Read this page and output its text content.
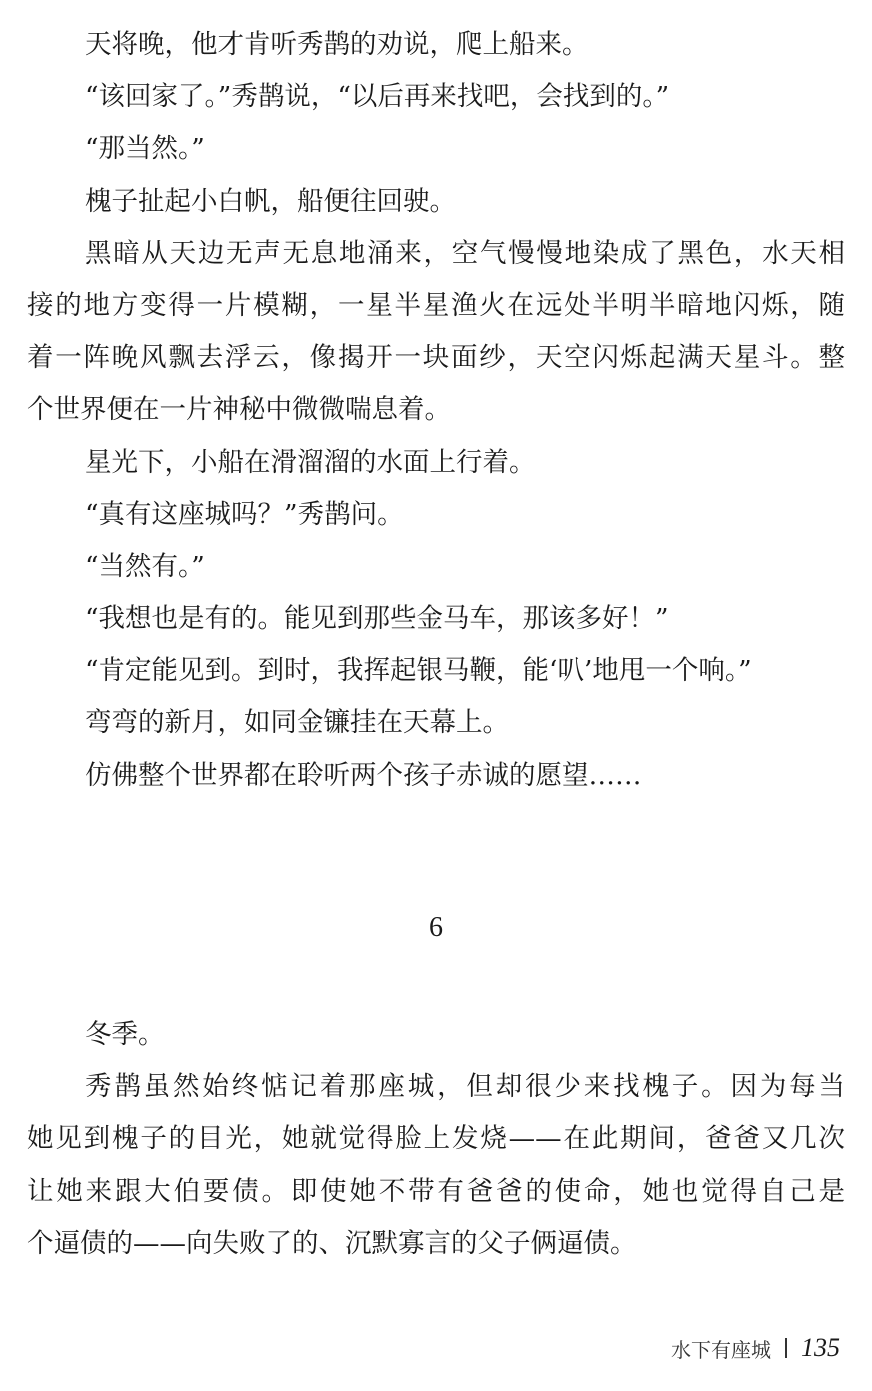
天将晚，他才肯听秀鹊的劝说，爬上船来。
“该回家了。”秀鹊说，“以后再来找吧，会找到的。”
“那当然。”
槐子扯起小白帆，船便往回驶。
黑暗从天边无声无息地涌来，空气慢慢地染成了黑色，水天相
接的地方变得一片模糊，一星半星渔火在远处半明半暗地闪烁，随
着一阵晚风飘去浮云，像揭开一块面纱，天空闪烁起满天星斗。整
个世界便在一片神秘中微微喘息着。
星光下，小船在滑溜溜的水面上行着。
“真有这座城吗？”秀鹊问。
“当然有。”
“我想也是有的。能见到那些金马车，那该多好！”
“肯定能见到。到时，我挥起银马鞭，能‘叭’地甩一个响。”
弯弯的新月，如同金镰挂在天幕上。
仿佛整个世界都在聆听两个孩子赤诚的愿望……
6
冬季。
秀鹊虽然始终惦记着那座城，但却很少来找槐子。因为每当
她见到槐子的目光，她就觉得脸上发烧——在此期间，爸爸又几次
让她来跟大伯要债。即使她不带有爸爸的使命，她也觉得自己是
个逼债的——向失败了的、沉默寡言的父子俩逼债。
水下有座城 135
